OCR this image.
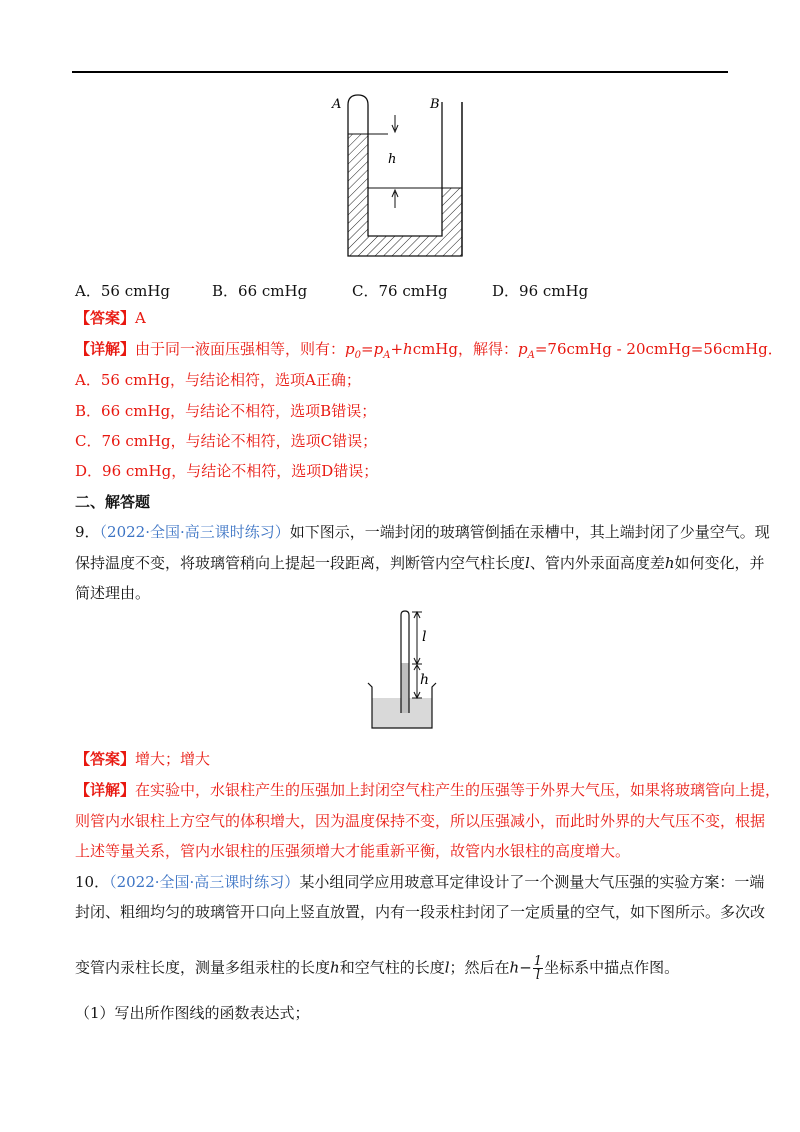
h
A	B
A．56 cmHg	B．66 cmHg	C．76 cmHg	D．96 cmHg
【答案】A
【详解】由于同一液面压强相等，则有：$p_0=p_A+hcmHg$，解得：$p_A=76cmHg$ - 20cmHg=56cmHg．
A．56 cmHg，与结论相符，选项A正确；
B．66 cmHg，与结论不相符，选项B错误；
C．76 cmHg，与结论不相符，选项C错误；
D．96 cmHg，与结论不相符，选项D错误；
二、解答题
9．（2022·全国·高三课时练习）如下图示，一端封闭的玻璃管倒插在汞槽中，其上端封闭了少量空气。现
保持温度不变，将玻璃管稍向上提起一段距离，判断管内空气柱长度l、管内外汞面高度差h如何变化，并
简述理由。
l
h
【答案】增大；增大
【详解】在实验中，水银柱产生的压强加上封闭空气柱产生的压强等于外界大气压，如果将玻璃管向上提，
则管内水银柱上方空气的体积增大，因为温度保持不变，所以压强减小，而此时外界的大气压不变，根据
上述等量关系，管内水银柱的压强须增大才能重新平衡，故管内水银柱的高度增大。
10．（2022·全国·高三课时练习）某小组同学应用玻意耳定律设计了一个测量大气压强的实验方案：一端
封闭、粗细均匀的玻璃管开口向上竖直放置，内有一段汞柱封闭了一定质量的空气，如下图所示。多次改
变管内汞柱长度，测量多组汞柱的长度h和空气柱的长度l；然后在$h- \frac{1}{l}$ 坐标系中描点作图。
（1）写出所作图线的函数表达式；
